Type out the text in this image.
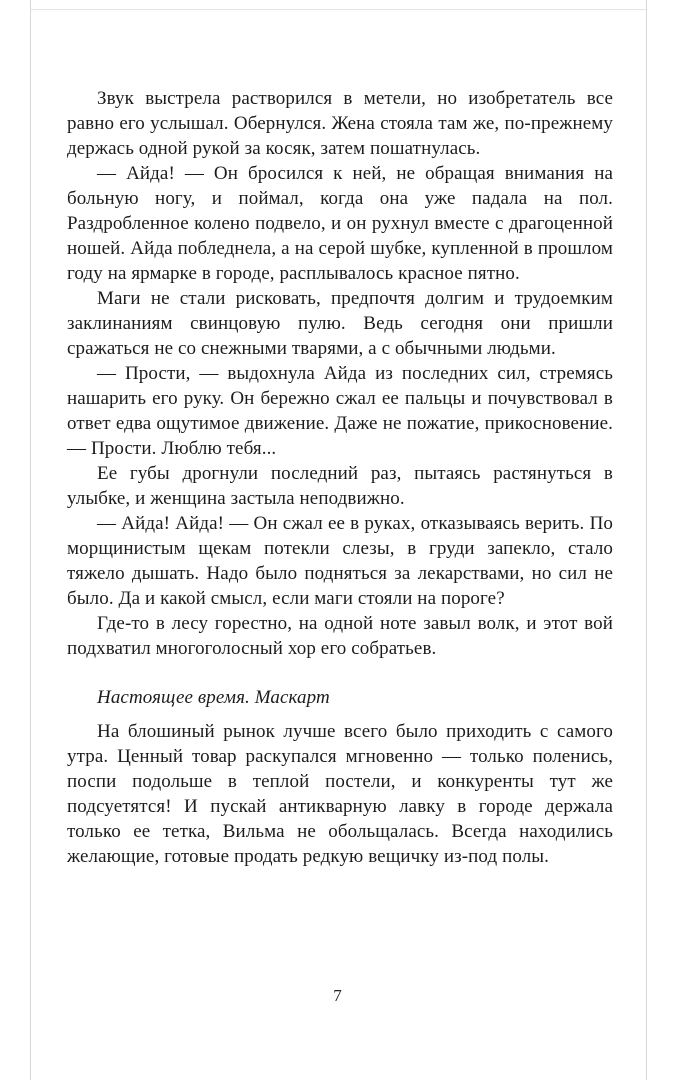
Звук выстрела растворился в метели, но изобретатель все равно его услышал. Обернулся. Жена стояла там же, по-прежнему держась одной рукой за косяк, затем пошатнулась.

— Айда! — Он бросился к ней, не обращая внимания на больную ногу, и поймал, когда она уже падала на пол. Раздробленное колено подвело, и он рухнул вместе с драгоценной ношей. Айда побледнела, а на серой шубке, купленной в прошлом году на ярмарке в городе, расплывалось красное пятно.

Маги не стали рисковать, предпочтя долгим и трудоемким заклинаниям свинцовую пулю. Ведь сегодня они пришли сражаться не со снежными тварями, а с обычными людьми.

— Прости, — выдохнула Айда из последних сил, стремясь нашарить его руку. Он бережно сжал ее пальцы и почувствовал в ответ едва ощутимое движение. Даже не пожатие, прикосновение. — Прости. Люблю тебя...

Ее губы дрогнули последний раз, пытаясь растянуться в улыбке, и женщина застыла неподвижно.

— Айда! Айда! — Он сжал ее в руках, отказываясь верить. По морщинистым щекам потекли слезы, в груди запекло, стало тяжело дышать. Надо было подняться за лекарствами, но сил не было. Да и какой смысл, если маги стояли на пороге?

Где-то в лесу горестно, на одной ноте завыл волк, и этот вой подхватил многоголосный хор его собратьев.

Настоящее время. Маскарт

На блошиный рынок лучше всего было приходить с самого утра. Ценный товар раскупался мгновенно — только поленись, поспи подольше в теплой постели, и конкуренты тут же подсуетятся! И пускай антикварную лавку в городе держала только ее тетка, Вильма не обольщалась. Всегда находились желающие, готовые продать редкую вещичку из-под полы.

7
